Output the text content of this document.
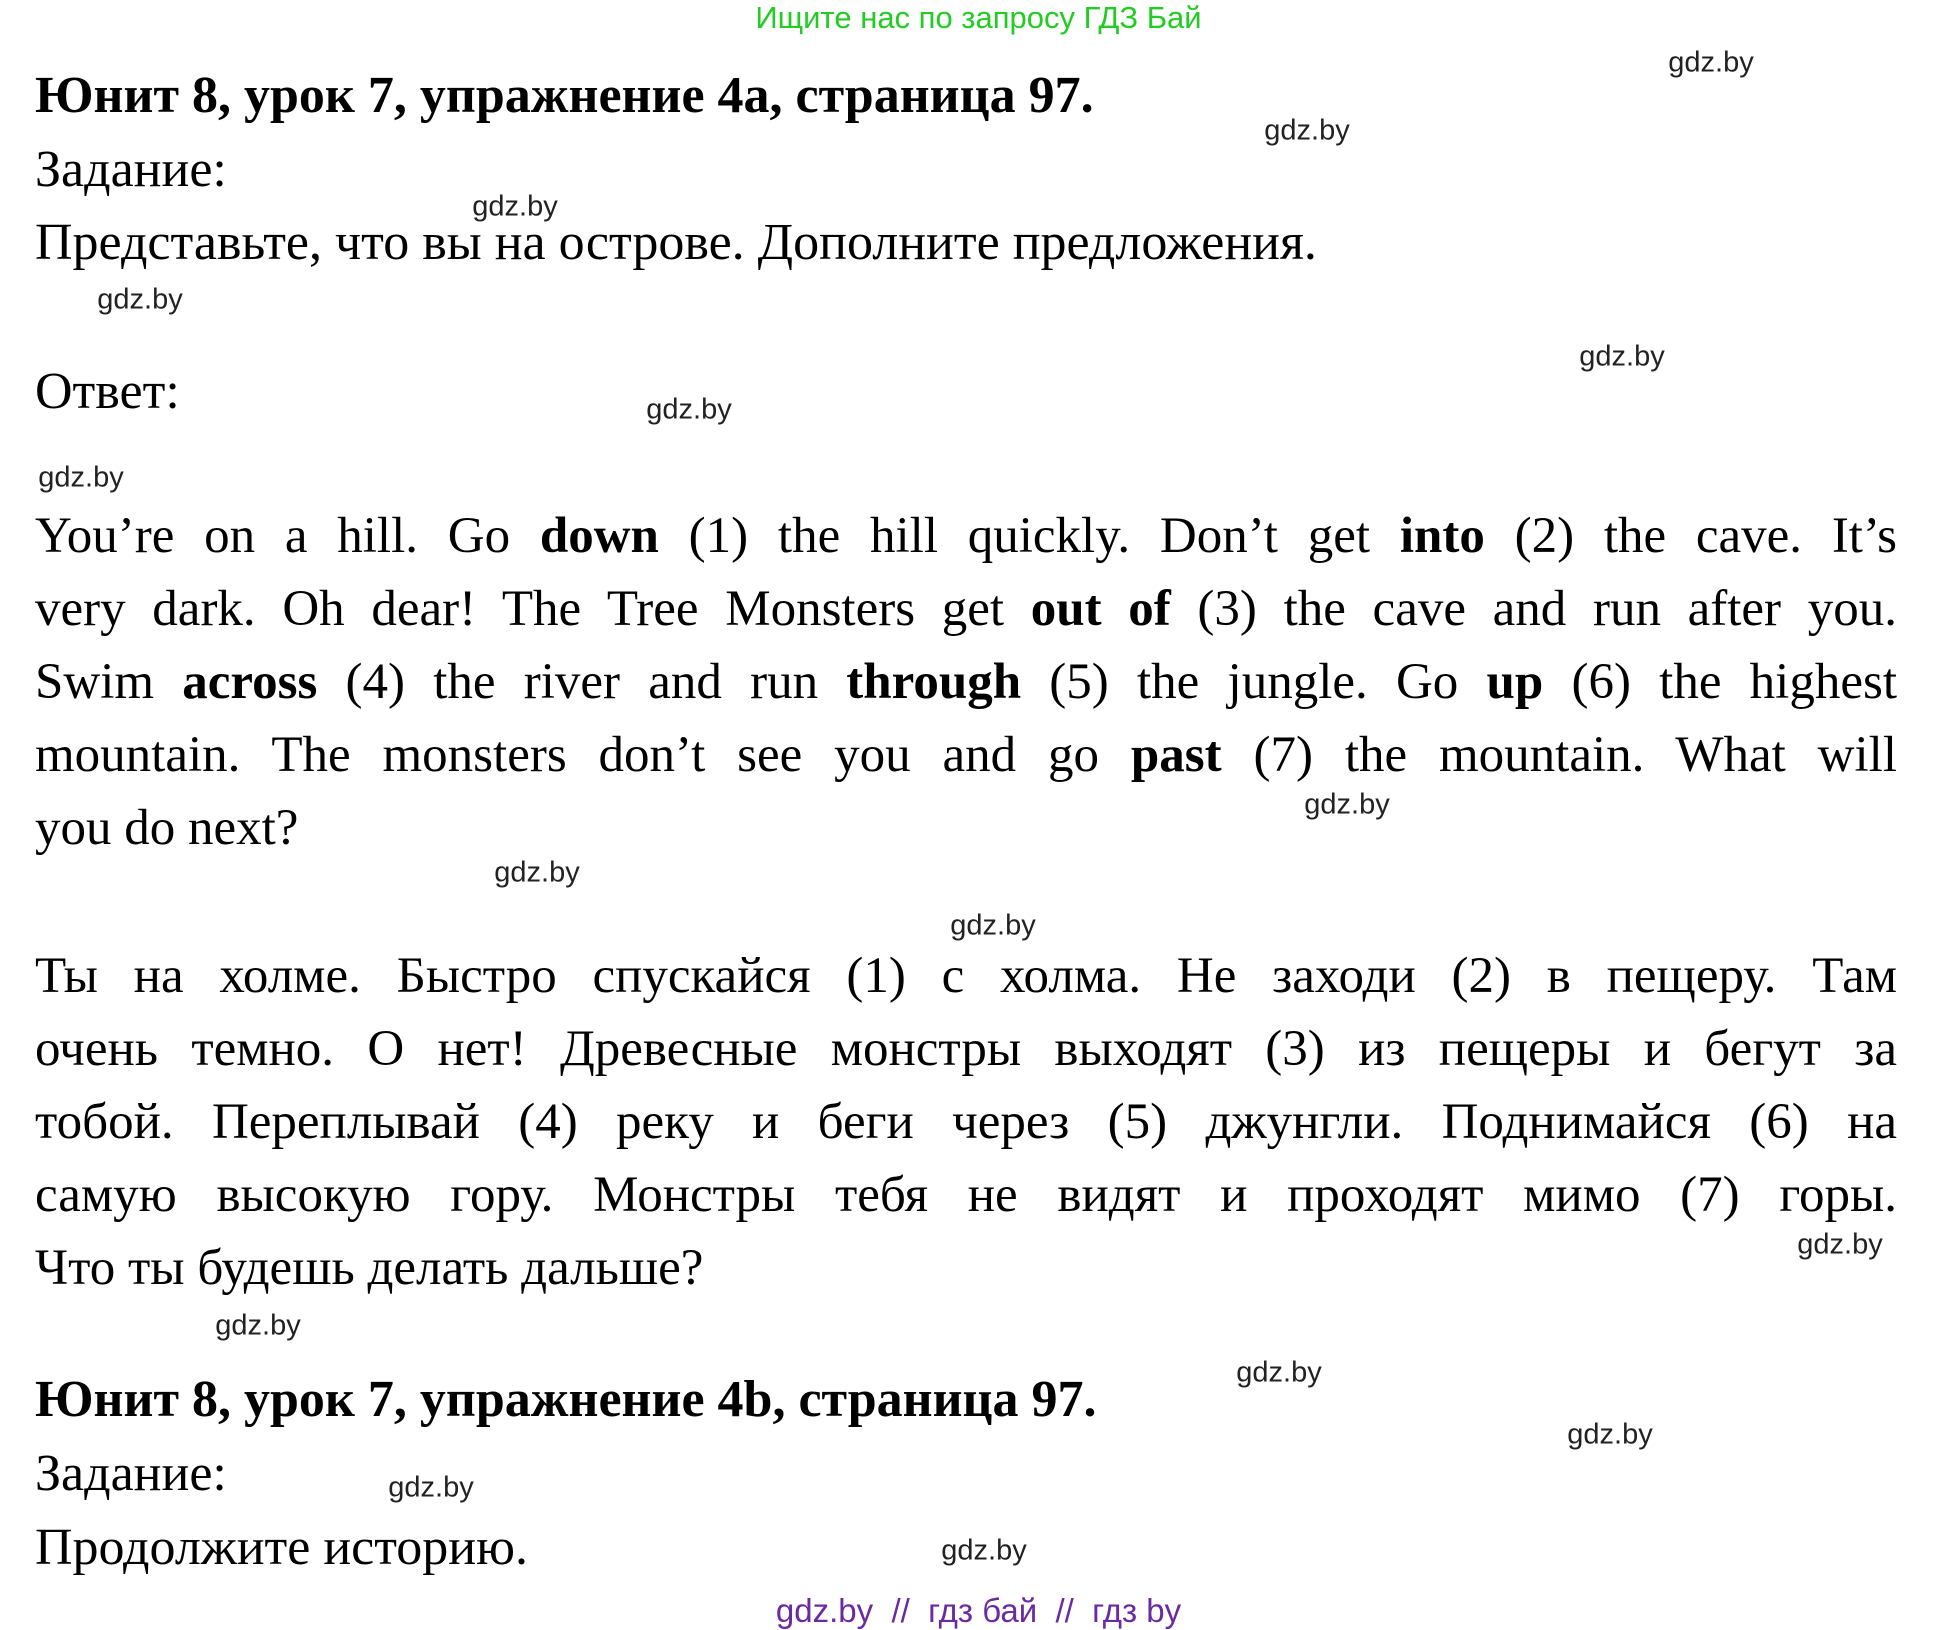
Ищите нас по запросу ГДЗ Бай
Юнит 8, урок 7, упражнение 4a, страница 97.
Задание:
Представьте, что вы на острове. Дополните предложения.
Ответ:
You’re on a hill. Go down (1) the hill quickly. Don’t get into (2) the cave. It’s
very dark. Oh dear! The Tree Monsters get out of (3) the cave and run after you.
Swim across (4) the river and run through (5) the jungle. Go up (6) the highest
mountain. The monsters don’t see you and go past (7) the mountain. What will
you do next?
Ты на холме. Быстро спускайся (1) с холма. Не заходи (2) в пещеру. Там
очень темно. О нет! Древесные монстры выходят (3) из пещеры и бегут за
тобой. Переплывай (4) реку и беги через (5) джунгли. Поднимайся (6) на
самую высокую гору. Монстры тебя не видят и проходят мимо (7) горы.
Что ты будешь делать дальше?
Юнит 8, урок 7, упражнение 4b, страница 97.
Задание:
Продолжите историю.
gdz.by
gdz.by
gdz.by
gdz.by
gdz.by
gdz.by
gdz.by
gdz.by
gdz.by
gdz.by
gdz.by
gdz.by
gdz.by
gdz.by
gdz.by
gdz.by
gdz.by  //  гдз бай  //  гдз by
